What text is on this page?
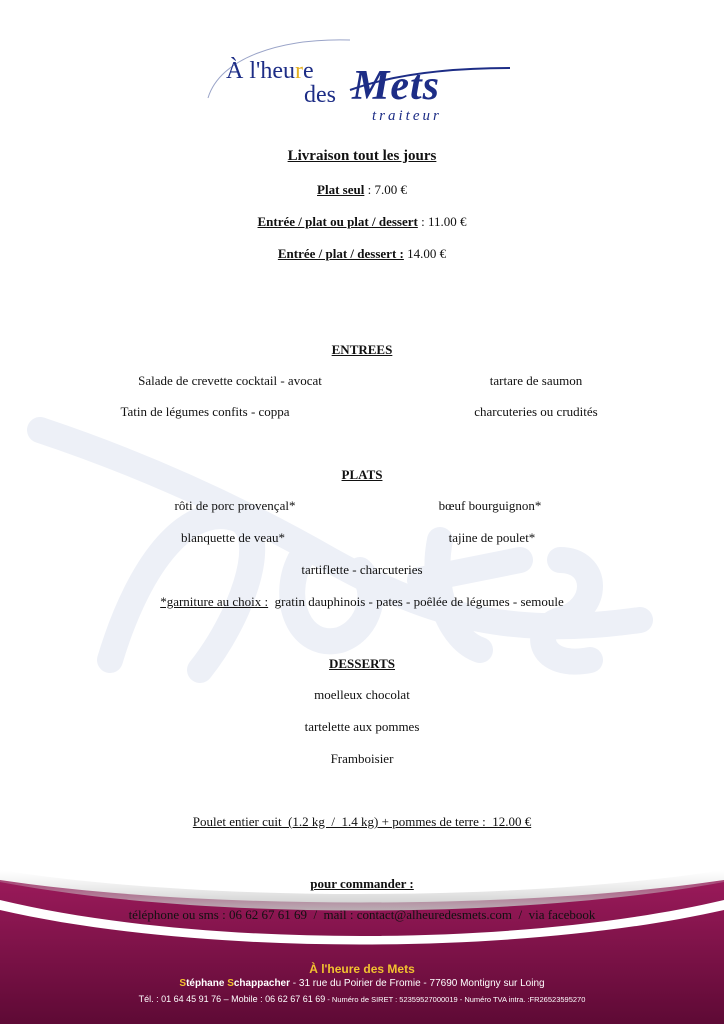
À l'heure
des Mets
traiteur
Livraison tout les jours
Plat seul : 7.00 €
Entrée / plat ou plat / dessert : 11.00 €
Entrée / plat / dessert : 14.00 €
ENTREES
Salade de crevette cocktail - avocat	tartare de saumon
Tatin de légumes confits - coppa	charcuteries ou crudités
PLATS
rôti de porc provençal*	bœuf bourguignon*
blanquette de veau*	tajine de poulet*
tartiflette - charcuteries
*garniture au choix :  gratin dauphinois - pates - poêlée de légumes - semoule
DESSERTS
moelleux chocolat
tartelette aux pommes
Framboisier
Poulet entier cuit  (1.2 kg  /  1.4 kg) + pommes de terre :  12.00 €
pour commander :
téléphone ou sms : 06 62 67 61 69  /  mail : contact@alheuredesmets.com  /  via facebook
À l'heure des Mets
Stéphane Schappacher - 31 rue du Poirier de Fromie - 77690 Montigny sur Loing
Tél. : 01 64 45 91 76 – Mobile : 06 62 67 61 69 - Numéro de SIRET : 52359527000019 - Numéro TVA intra. :FR26523595270
